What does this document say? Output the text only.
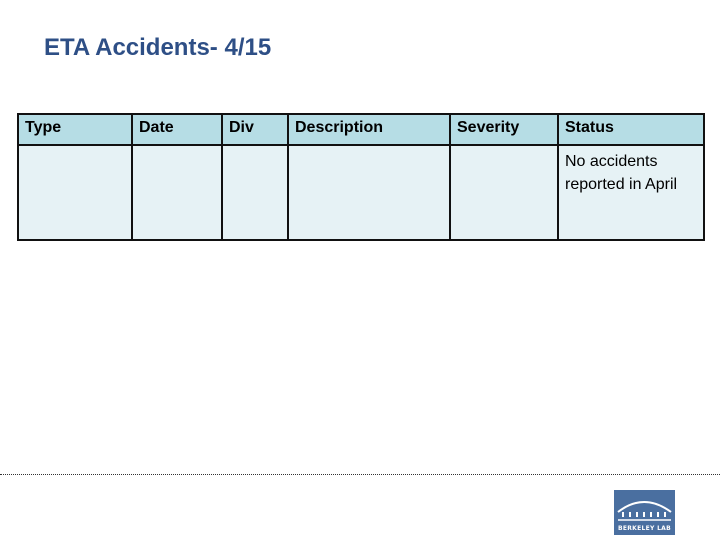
ETA Accidents- 4/15
Type	Date	Div	Description	Severity	Status
					No accidents reported in April
BERKELEY LAB
